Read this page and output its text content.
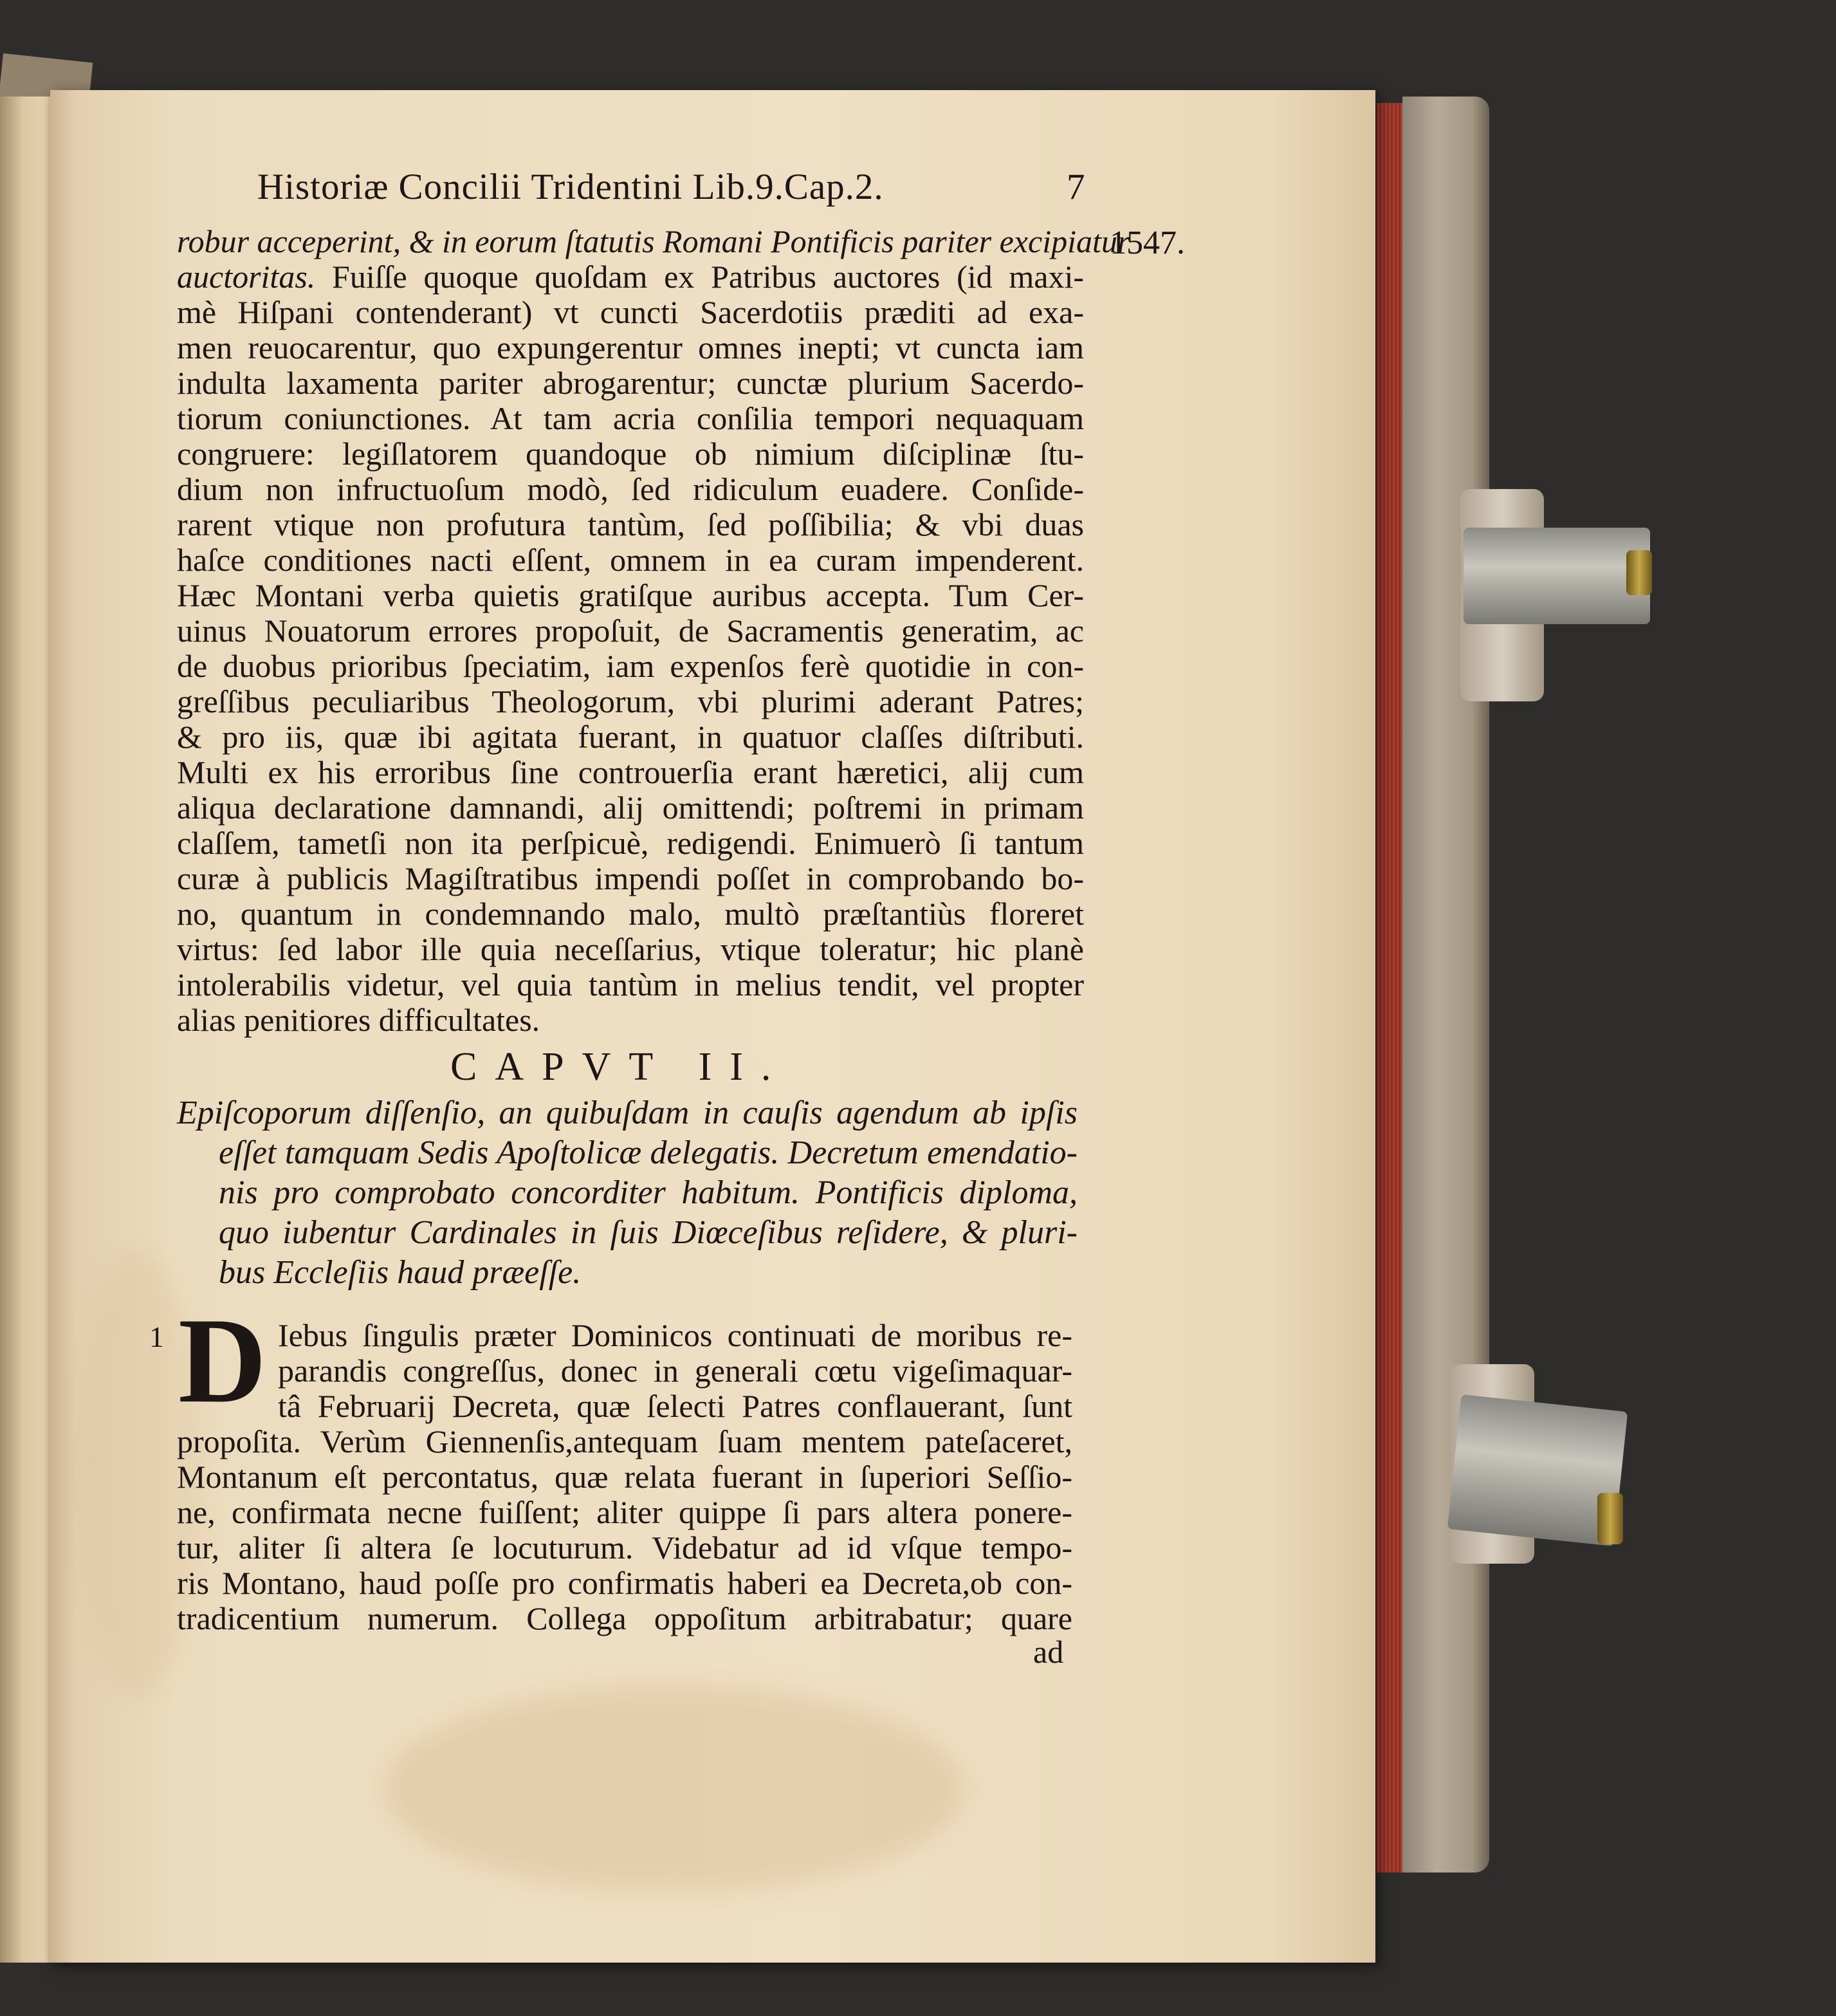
Historiæ Concilii Tridentini Lib.9.Cap.2.	7
1547.
robur acceperint, & in eorum ſtatutis Romani Pontificis pariter excipiatur
auctoritas. Fuiſſe quoque quoſdam ex Patribus auctores (id maxi-
mè Hiſpani contenderant) vt cuncti Sacerdotiis præditi ad exa-
men reuocarentur, quo expungerentur omnes inepti; vt cuncta iam
indulta laxamenta pariter abrogarentur; cunctæ plurium Sacerdo-
tiorum coniunctiones. At tam acria conſilia tempori nequaquam
congruere: legiſlatorem quandoque ob nimium diſciplinæ ſtu-
dium non infructuoſum modò, ſed ridiculum euadere. Conſide-
rarent vtique non profutura tantùm, ſed poſſibilia; & vbi duas
haſce conditiones nacti eſſent, omnem in ea curam impenderent.
Hæc Montani verba quietis gratiſque auribus accepta. Tum Cer-
uinus Nouatorum errores propoſuit, de Sacramentis generatim, ac
de duobus prioribus ſpeciatim, iam expenſos ferè quotidie in con-
greſſibus peculiaribus Theologorum, vbi plurimi aderant Patres;
& pro iis, quæ ibi agitata fuerant, in quatuor claſſes diſtributi.
Multi ex his erroribus ſine controuerſia erant hæretici, alij cum
aliqua declaratione damnandi, alij omittendi; poſtremi in primam
claſſem, tametſi non ita perſpicuè, redigendi. Enimuerò ſi tantum
curæ à publicis Magiſtratibus impendi poſſet in comprobando bo-
no, quantum in condemnando malo, multò præſtantiùs floreret
virtus: ſed labor ille quia neceſſarius, vtique toleratur; hic planè
intolerabilis videtur, vel quia tantùm in melius tendit, vel propter
alias penitiores difficultates.
CAPVT II.
Epiſcoporum diſſenſio, an quibuſdam in cauſis agendum ab ipſis
eſſet tamquam Sedis Apoſtolicæ delegatis. Decretum emendatio-
nis pro comprobato concorditer habitum. Pontificis diploma,
quo iubentur Cardinales in ſuis Diœceſibus reſidere, & pluri-
bus Eccleſiis haud præeſſe.
1 D Iebus ſingulis præter Dominicos continuati de moribus re-
parandis congreſſus, donec in generali cœtu vigeſimaquar-
tâ Februarij Decreta, quæ ſelecti Patres conflauerant, ſunt
propoſita. Verùm Giennenſis,antequam ſuam mentem pateſaceret,
Montanum eſt percontatus, quæ relata fuerant in ſuperiori Seſſio-
ne, confirmata necne fuiſſent; aliter quippe ſi pars altera ponere-
tur, aliter ſi altera ſe locuturum. Videbatur ad id vſque tempo-
ris Montano, haud poſſe pro confirmatis haberi ea Decreta,ob con-
tradicentium numerum. Collega oppoſitum arbitrabatur; quare
ad
